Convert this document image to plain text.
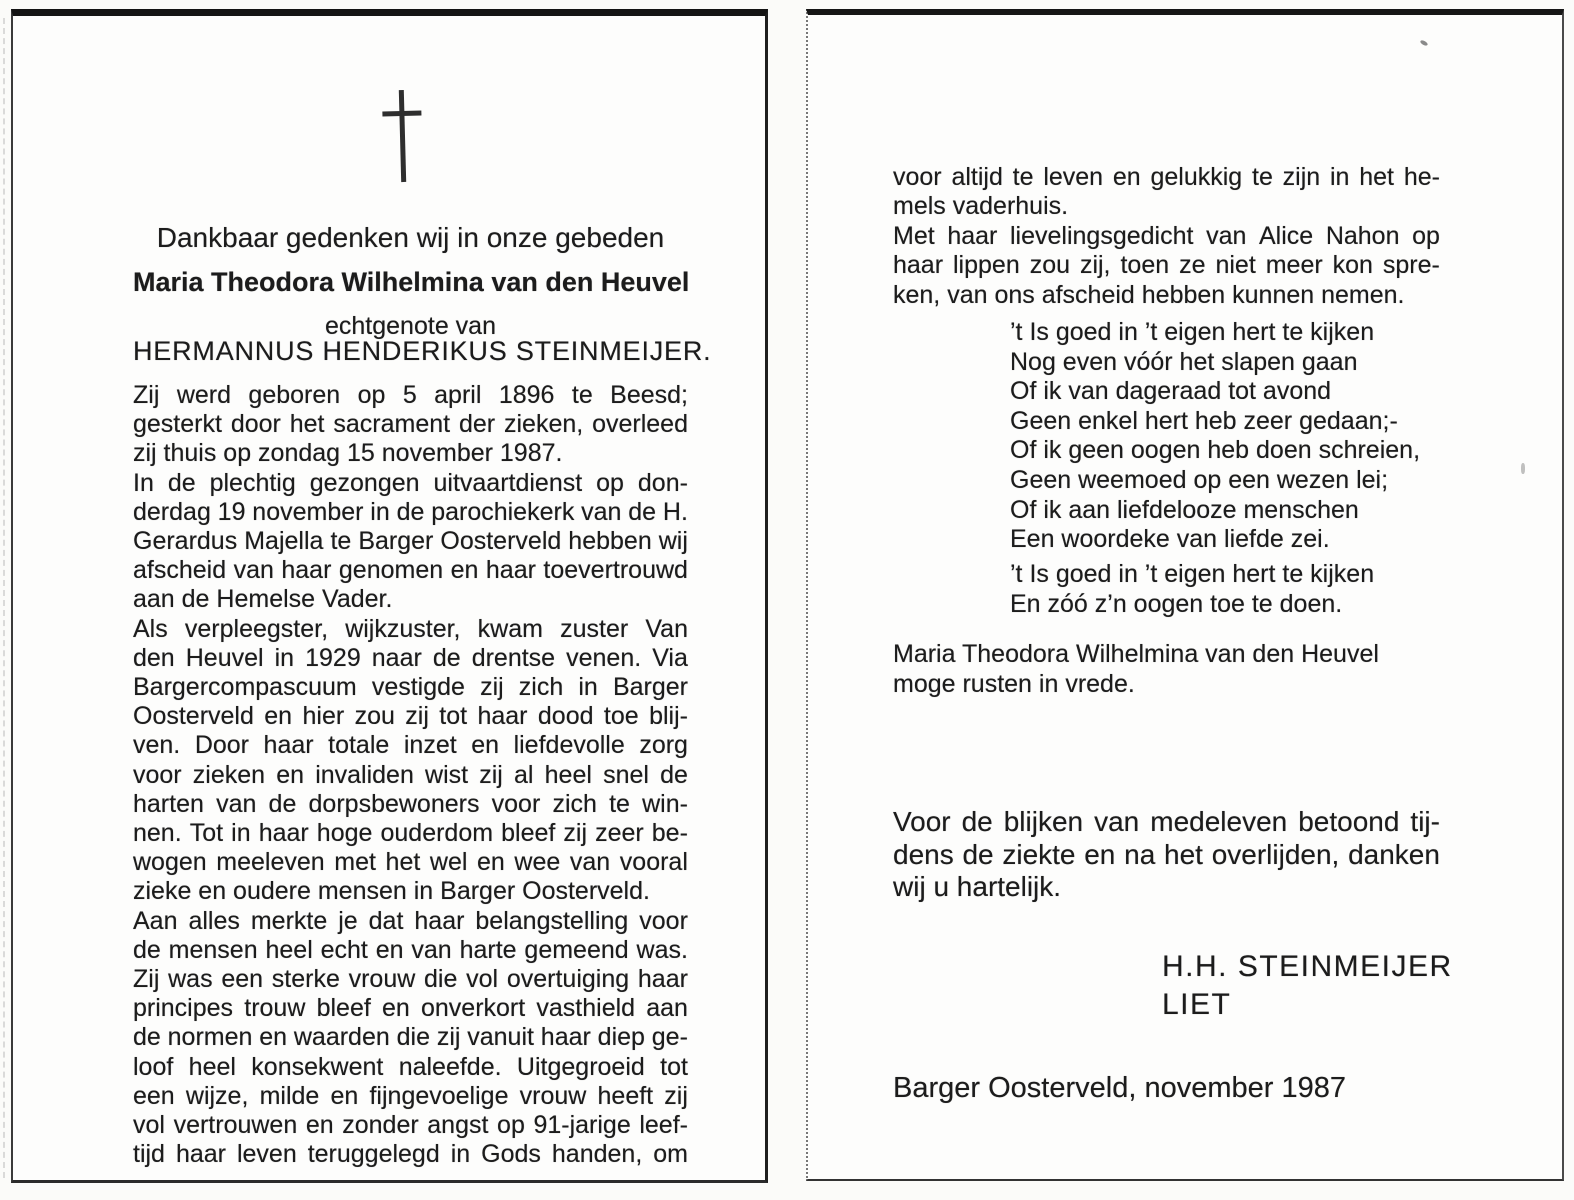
Dankbaar gedenken wij in onze gebeden
Maria Theodora Wilhelmina van den Heuvel
echtgenote van
HERMANNUS HENDERIKUS STEINMEIJER.
Zij werd geboren op 5 april 1896 te Beesd;
gesterkt door het sacrament der zieken, overleed
zij thuis op zondag 15 november 1987.
In de plechtig gezongen uitvaartdienst op don-
derdag 19 november in de parochiekerk van de H.
Gerardus Majella te Barger Oosterveld hebben wij
afscheid van haar genomen en haar toevertrouwd
aan de Hemelse Vader.
Als verpleegster, wijkzuster, kwam zuster Van
den Heuvel in 1929 naar de drentse venen. Via
Bargercompascuum vestigde zij zich in Barger
Oosterveld en hier zou zij tot haar dood toe blij-
ven. Door haar totale inzet en liefdevolle zorg
voor zieken en invaliden wist zij al heel snel de
harten van de dorpsbewoners voor zich te win-
nen. Tot in haar hoge ouderdom bleef zij zeer be-
wogen meeleven met het wel en wee van vooral
zieke en oudere mensen in Barger Oosterveld.
Aan alles merkte je dat haar belangstelling voor
de mensen heel echt en van harte gemeend was.
Zij was een sterke vrouw die vol overtuiging haar
principes trouw bleef en onverkort vasthield aan
de normen en waarden die zij vanuit haar diep ge-
loof heel konsekwent naleefde. Uitgegroeid tot
een wijze, milde en fijngevoelige vrouw heeft zij
vol vertrouwen en zonder angst op 91-jarige leef-
tijd haar leven teruggelegd in Gods handen, om
voor altijd te leven en gelukkig te zijn in het he-
mels vaderhuis.
Met haar lievelingsgedicht van Alice Nahon op
haar lippen zou zij, toen ze niet meer kon spre-
ken, van ons afscheid hebben kunnen nemen.
’t Is goed in ’t eigen hert te kijken
Nog even vóór het slapen gaan
Of ik van dageraad tot avond
Geen enkel hert heb zeer gedaan;-
Of ik geen oogen heb doen schreien,
Geen weemoed op een wezen lei;
Of ik aan liefdelooze menschen
Een woordeke van liefde zei.
’t Is goed in ’t eigen hert te kijken
En zóó z’n oogen toe te doen.
Maria Theodora Wilhelmina van den Heuvel
moge rusten in vrede.
Voor de blijken van medeleven betoond tij-
dens de ziekte en na het overlijden, danken
wij u hartelijk.
H.H. STEINMEIJER
LIET
Barger Oosterveld, november 1987
